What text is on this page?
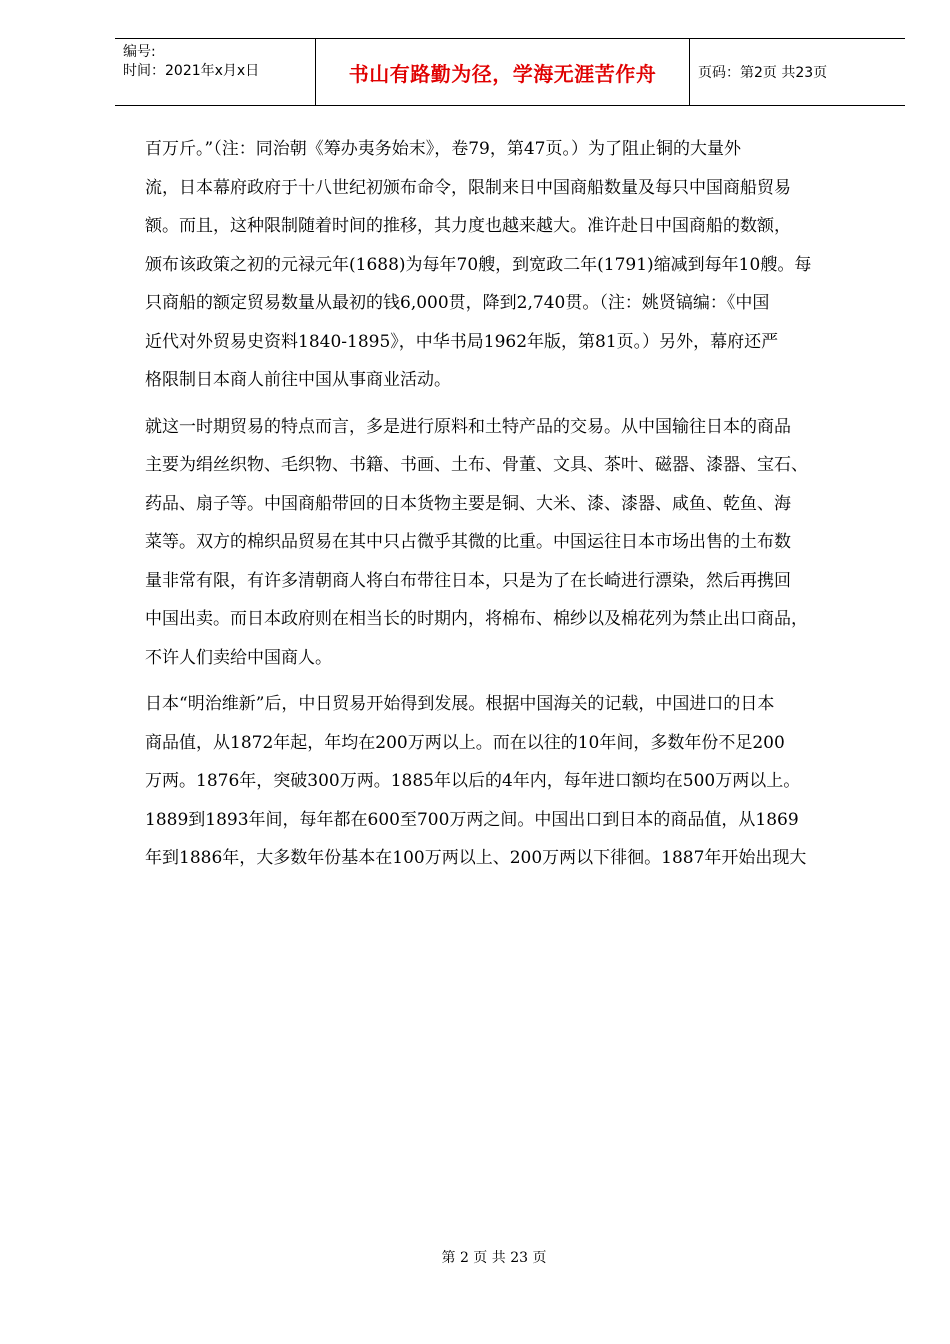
编号:
时间：2021年x月x日	书山有路勤为径，学海无涯苦作舟	页码：第2页 共23页

百万斤。”（注：同治朝《筹办夷务始末》，卷79，第47页。）为了阻止铜的大量外
流，日本幕府政府于十八世纪初颁布命令，限制来日中国商船数量及每只中国商船贸易
额。而且，这种限制随着时间的推移，其力度也越来越大。准许赴日中国商船的数额，
颁布该政策之初的元禄元年(1688)为每年70艘，到宽政二年(1791)缩减到每年10艘。每
只商船的额定贸易数量从最初的钱6,000贯，降到2,740贯。（注：姚贤镐编：《中国
近代对外贸易史资料1840-1895》，中华书局1962年版，第81页。）另外，幕府还严
格限制日本商人前往中国从事商业活动。

就这一时期贸易的特点而言，多是进行原料和土特产品的交易。从中国输往日本的商品
主要为绢丝织物、毛织物、书籍、书画、土布、骨董、文具、茶叶、磁器、漆器、宝石、
药品、扇子等。中国商船带回的日本货物主要是铜、大米、漆、漆器、咸鱼、乾鱼、海
菜等。双方的棉织品贸易在其中只占微乎其微的比重。中国运往日本市场出售的土布数
量非常有限，有许多清朝商人将白布带往日本，只是为了在长崎进行漂染，然后再携回
中国出卖。而日本政府则在相当长的时期内，将棉布、棉纱以及棉花列为禁止出口商品，
不许人们卖给中国商人。

日本“明治维新”后，中日贸易开始得到发展。根据中国海关的记载，中国进口的日本
商品值，从1872年起，年均在200万两以上。而在以往的10年间，多数年份不足200
万两。1876年，突破300万两。1885年以后的4年内，每年进口额均在500万两以上。
1889到1893年间，每年都在600至700万两之间。中国出口到日本的商品值，从1869
年到1886年，大多数年份基本在100万两以上、200万两以下徘徊。1887年开始出现大

第 2 页 共 23 页
